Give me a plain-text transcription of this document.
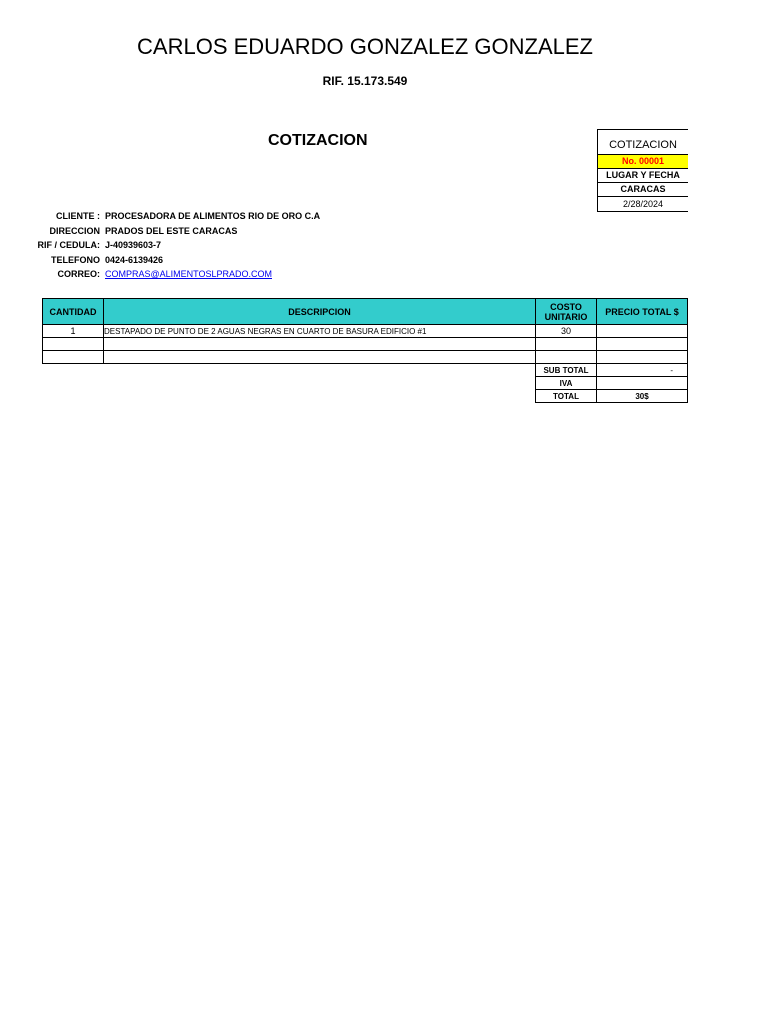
CARLOS EDUARDO GONZALEZ GONZALEZ
RIF. 15.173.549
COTIZACION	COTIZACION
No. 00001
LUGAR Y FECHA
CARACAS
2/28/2024
CLIENTE : PROCESADORA DE ALIMENTOS RIO DE ORO C.A
DIRECCION PRADOS DEL ESTE CARACAS
RIF / CEDULA: J-40939603-7
TELEFONO 0424-6139426
CORREO: COMPRAS@ALIMENTOSLPRADO.COM
CANTIDAD	DESCRIPCION	COSTO UNITARIO	PRECIO TOTAL $
1	DESTAPADO DE PUNTO DE 2 AGUAS NEGRAS EN CUARTO DE BASURA EDIFICIO #1	30	

SUB TOTAL	-
IVA	
TOTAL	30$
